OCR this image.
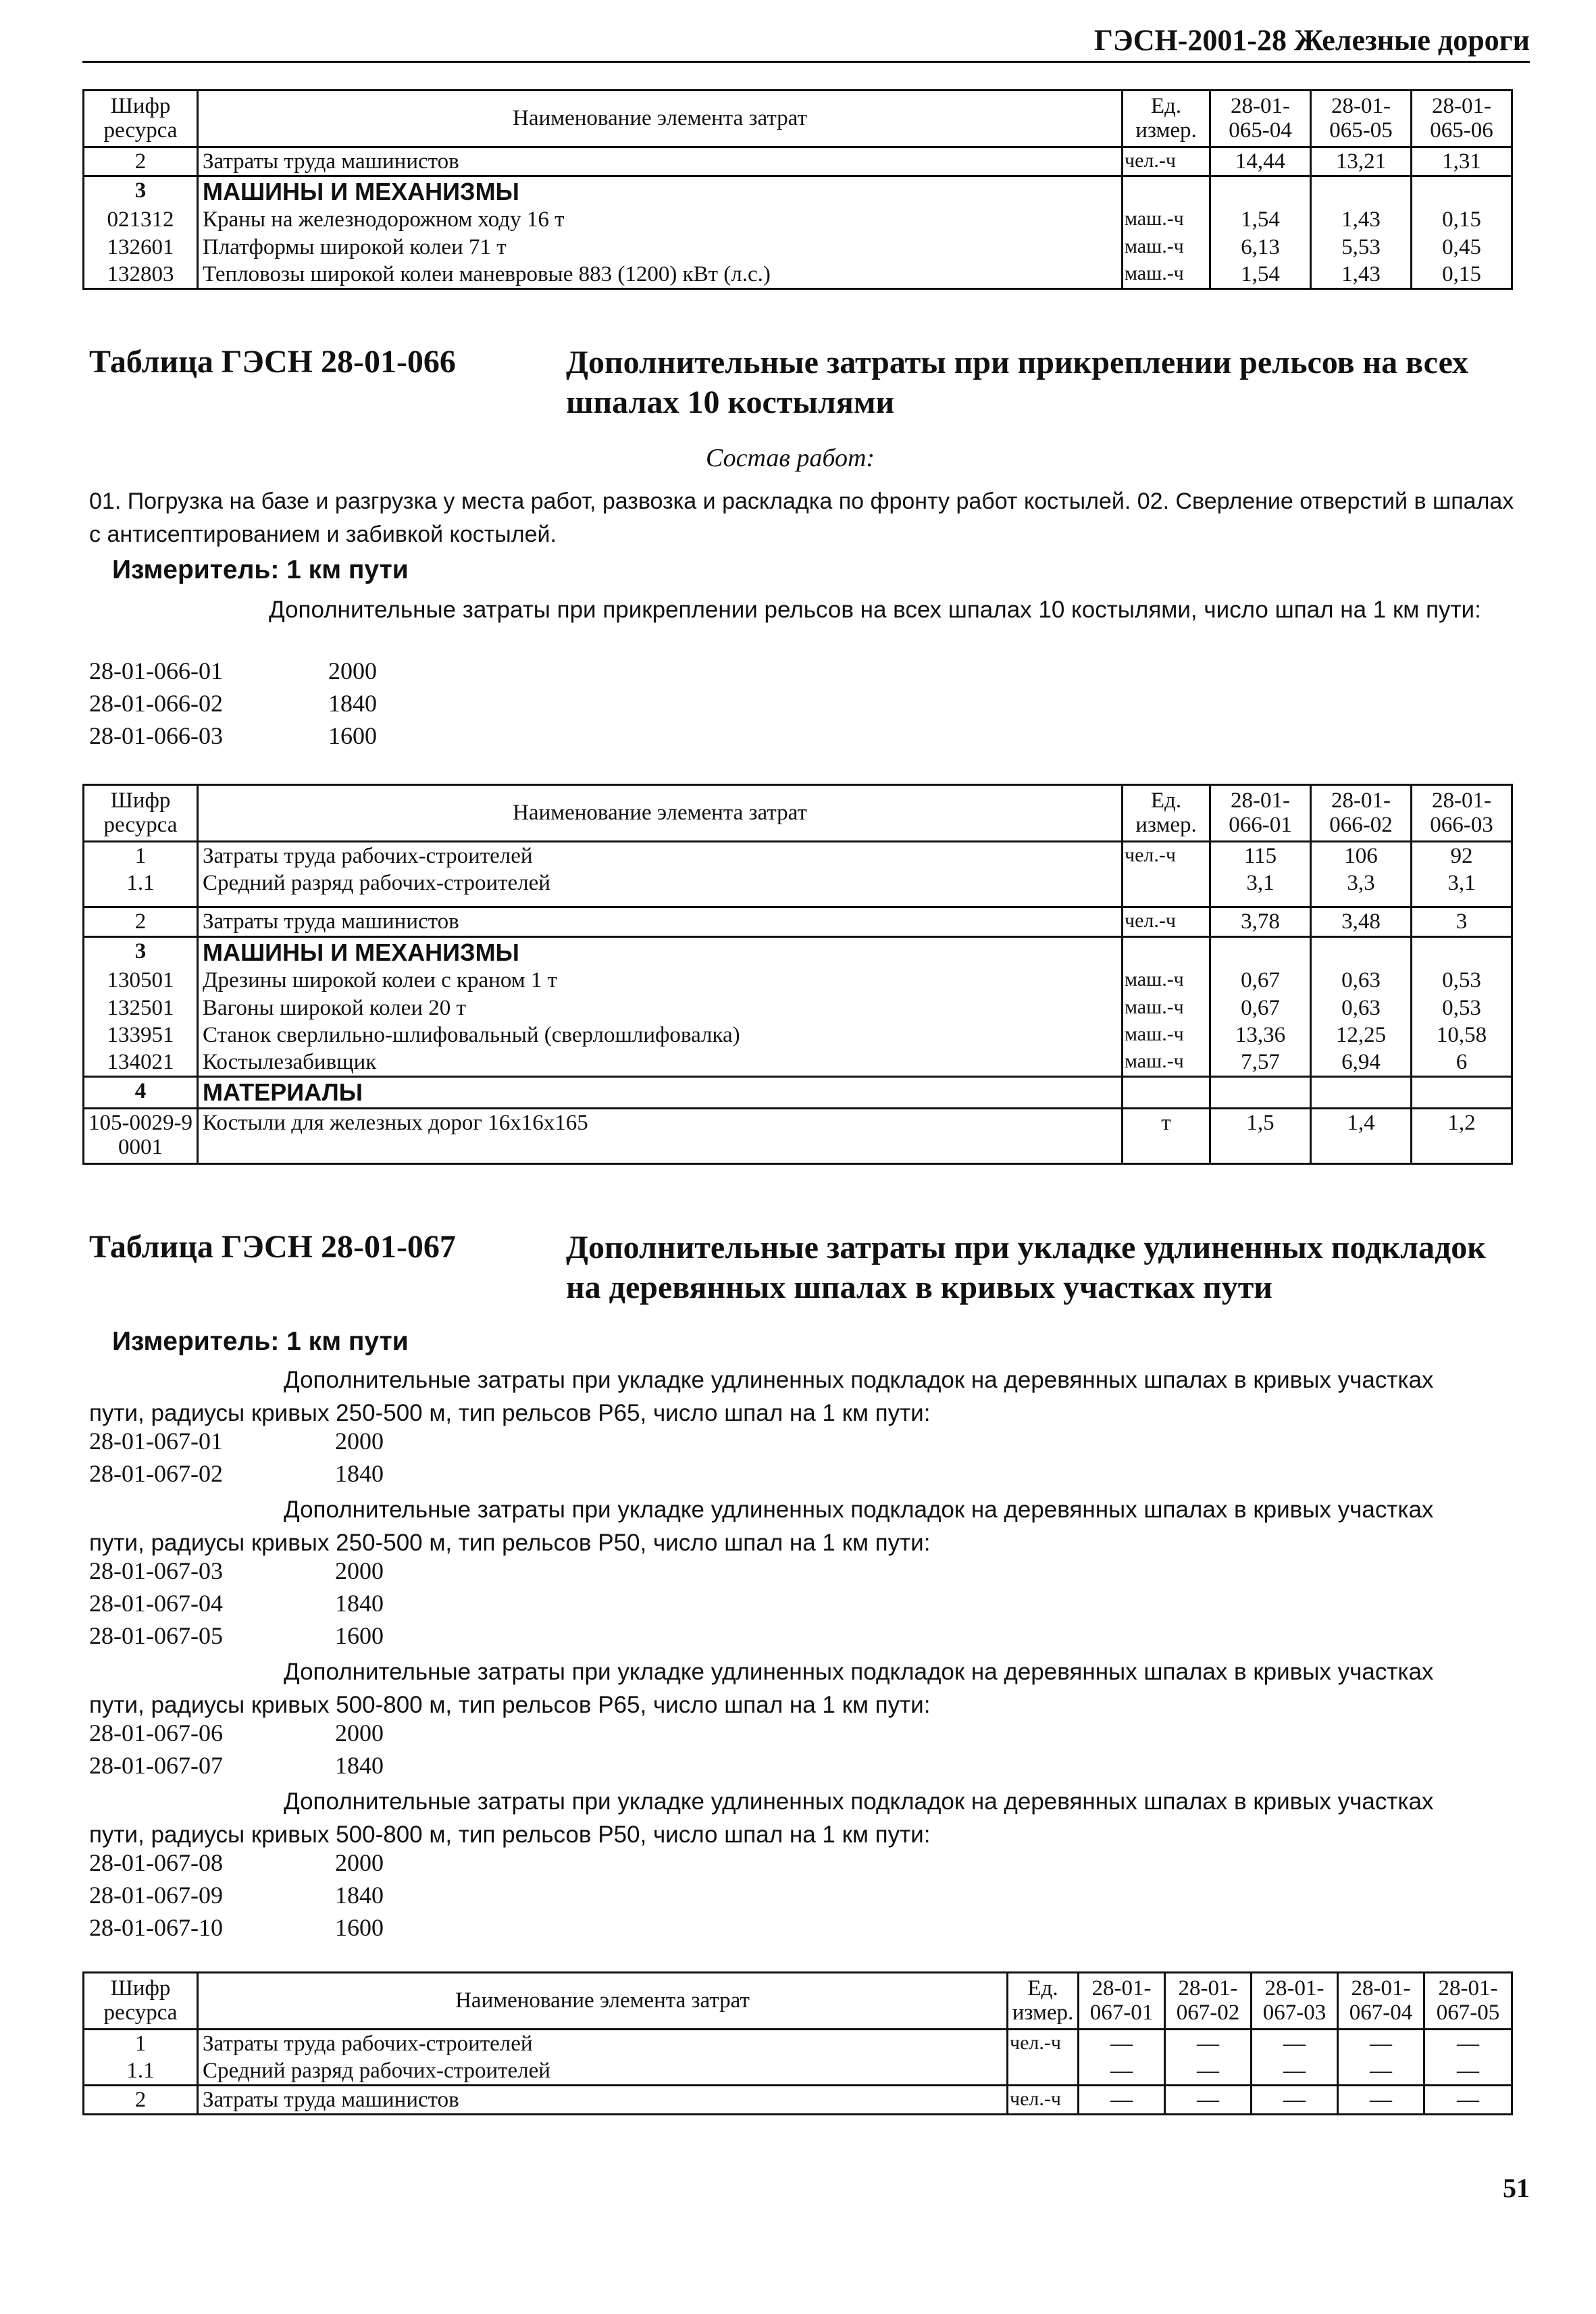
ГЭСН-2001-28 Железные дороги
Шифр ресурса	Наименование элемента затрат	Ед. измер.	28-01-065-04	28-01-065-05	28-01-065-06
2	Затраты труда машинистов	чел.-ч	14,44	13,21	1,31
3	МАШИНЫ И МЕХАНИЗМЫ				
021312	Краны на железнодорожном ходу 16 т	маш.-ч	1,54	1,43	0,15
132601	Платформы широкой колеи 71 т	маш.-ч	6,13	5,53	0,45
132803	Тепловозы широкой колеи маневровые 883 (1200) кВт (л.с.)	маш.-ч	1,54	1,43	0,15
Таблица ГЭСН 28-01-066	Дополнительные затраты при прикреплении рельсов на всех шпалах 10 костылями
Состав работ:
01. Погрузка на базе и разгрузка у места работ, развозка и раскладка по фронту работ костылей. 02. Сверление отверстий в шпалах с антисептированием и забивкой костылей.
Измеритель: 1 км пути
Дополнительные затраты при прикреплении рельсов на всех шпалах 10 костылями, число шпал на 1 км пути:
28-01-066-01	2000
28-01-066-02	1840
28-01-066-03	1600
Шифр ресурса	Наименование элемента затрат	Ед. измер.	28-01-066-01	28-01-066-02	28-01-066-03
1	Затраты труда рабочих-строителей	чел.-ч	115	106	92
1.1	Средний разряд рабочих-строителей		3,1	3,3	3,1
2	Затраты труда машинистов	чел.-ч	3,78	3,48	3
3	МАШИНЫ И МЕХАНИЗМЫ				
130501	Дрезины широкой колеи с краном 1 т	маш.-ч	0,67	0,63	0,53
132501	Вагоны широкой колеи 20 т	маш.-ч	0,67	0,63	0,53
133951	Станок сверлильно-шлифовальный (сверлошлифовалка)	маш.-ч	13,36	12,25	10,58
134021	Костылезабивщик	маш.-ч	7,57	6,94	6
4	МАТЕРИАЛЫ				
105-0029-90001	Костыли для железных дорог 16х16х165	т	1,5	1,4	1,2
Таблица ГЭСН 28-01-067	Дополнительные затраты при укладке удлиненных подкладок на деревянных шпалах в кривых участках пути
Измеритель: 1 км пути
Дополнительные затраты при укладке удлиненных подкладок на деревянных шпалах в кривых участках пути, радиусы кривых 250-500 м, тип рельсов Р65, число шпал на 1 км пути:
28-01-067-01	2000
28-01-067-02	1840
Дополнительные затраты при укладке удлиненных подкладок на деревянных шпалах в кривых участках пути, радиусы кривых 250-500 м, тип рельсов Р50, число шпал на 1 км пути:
28-01-067-03	2000
28-01-067-04	1840
28-01-067-05	1600
Дополнительные затраты при укладке удлиненных подкладок на деревянных шпалах в кривых участках пути, радиусы кривых 500-800 м, тип рельсов Р65, число шпал на 1 км пути:
28-01-067-06	2000
28-01-067-07	1840
Дополнительные затраты при укладке удлиненных подкладок на деревянных шпалах в кривых участках пути, радиусы кривых 500-800 м, тип рельсов Р50, число шпал на 1 км пути:
28-01-067-08	2000
28-01-067-09	1840
28-01-067-10	1600
Шифр ресурса	Наименование элемента затрат	Ед. измер.	28-01-067-01	28-01-067-02	28-01-067-03	28-01-067-04	28-01-067-05
1	Затраты труда рабочих-строителей	чел.-ч	—	—	—	—	—
1.1	Средний разряд рабочих-строителей		—	—	—	—	—
2	Затраты труда машинистов	чел.-ч	—	—	—	—	—
51
